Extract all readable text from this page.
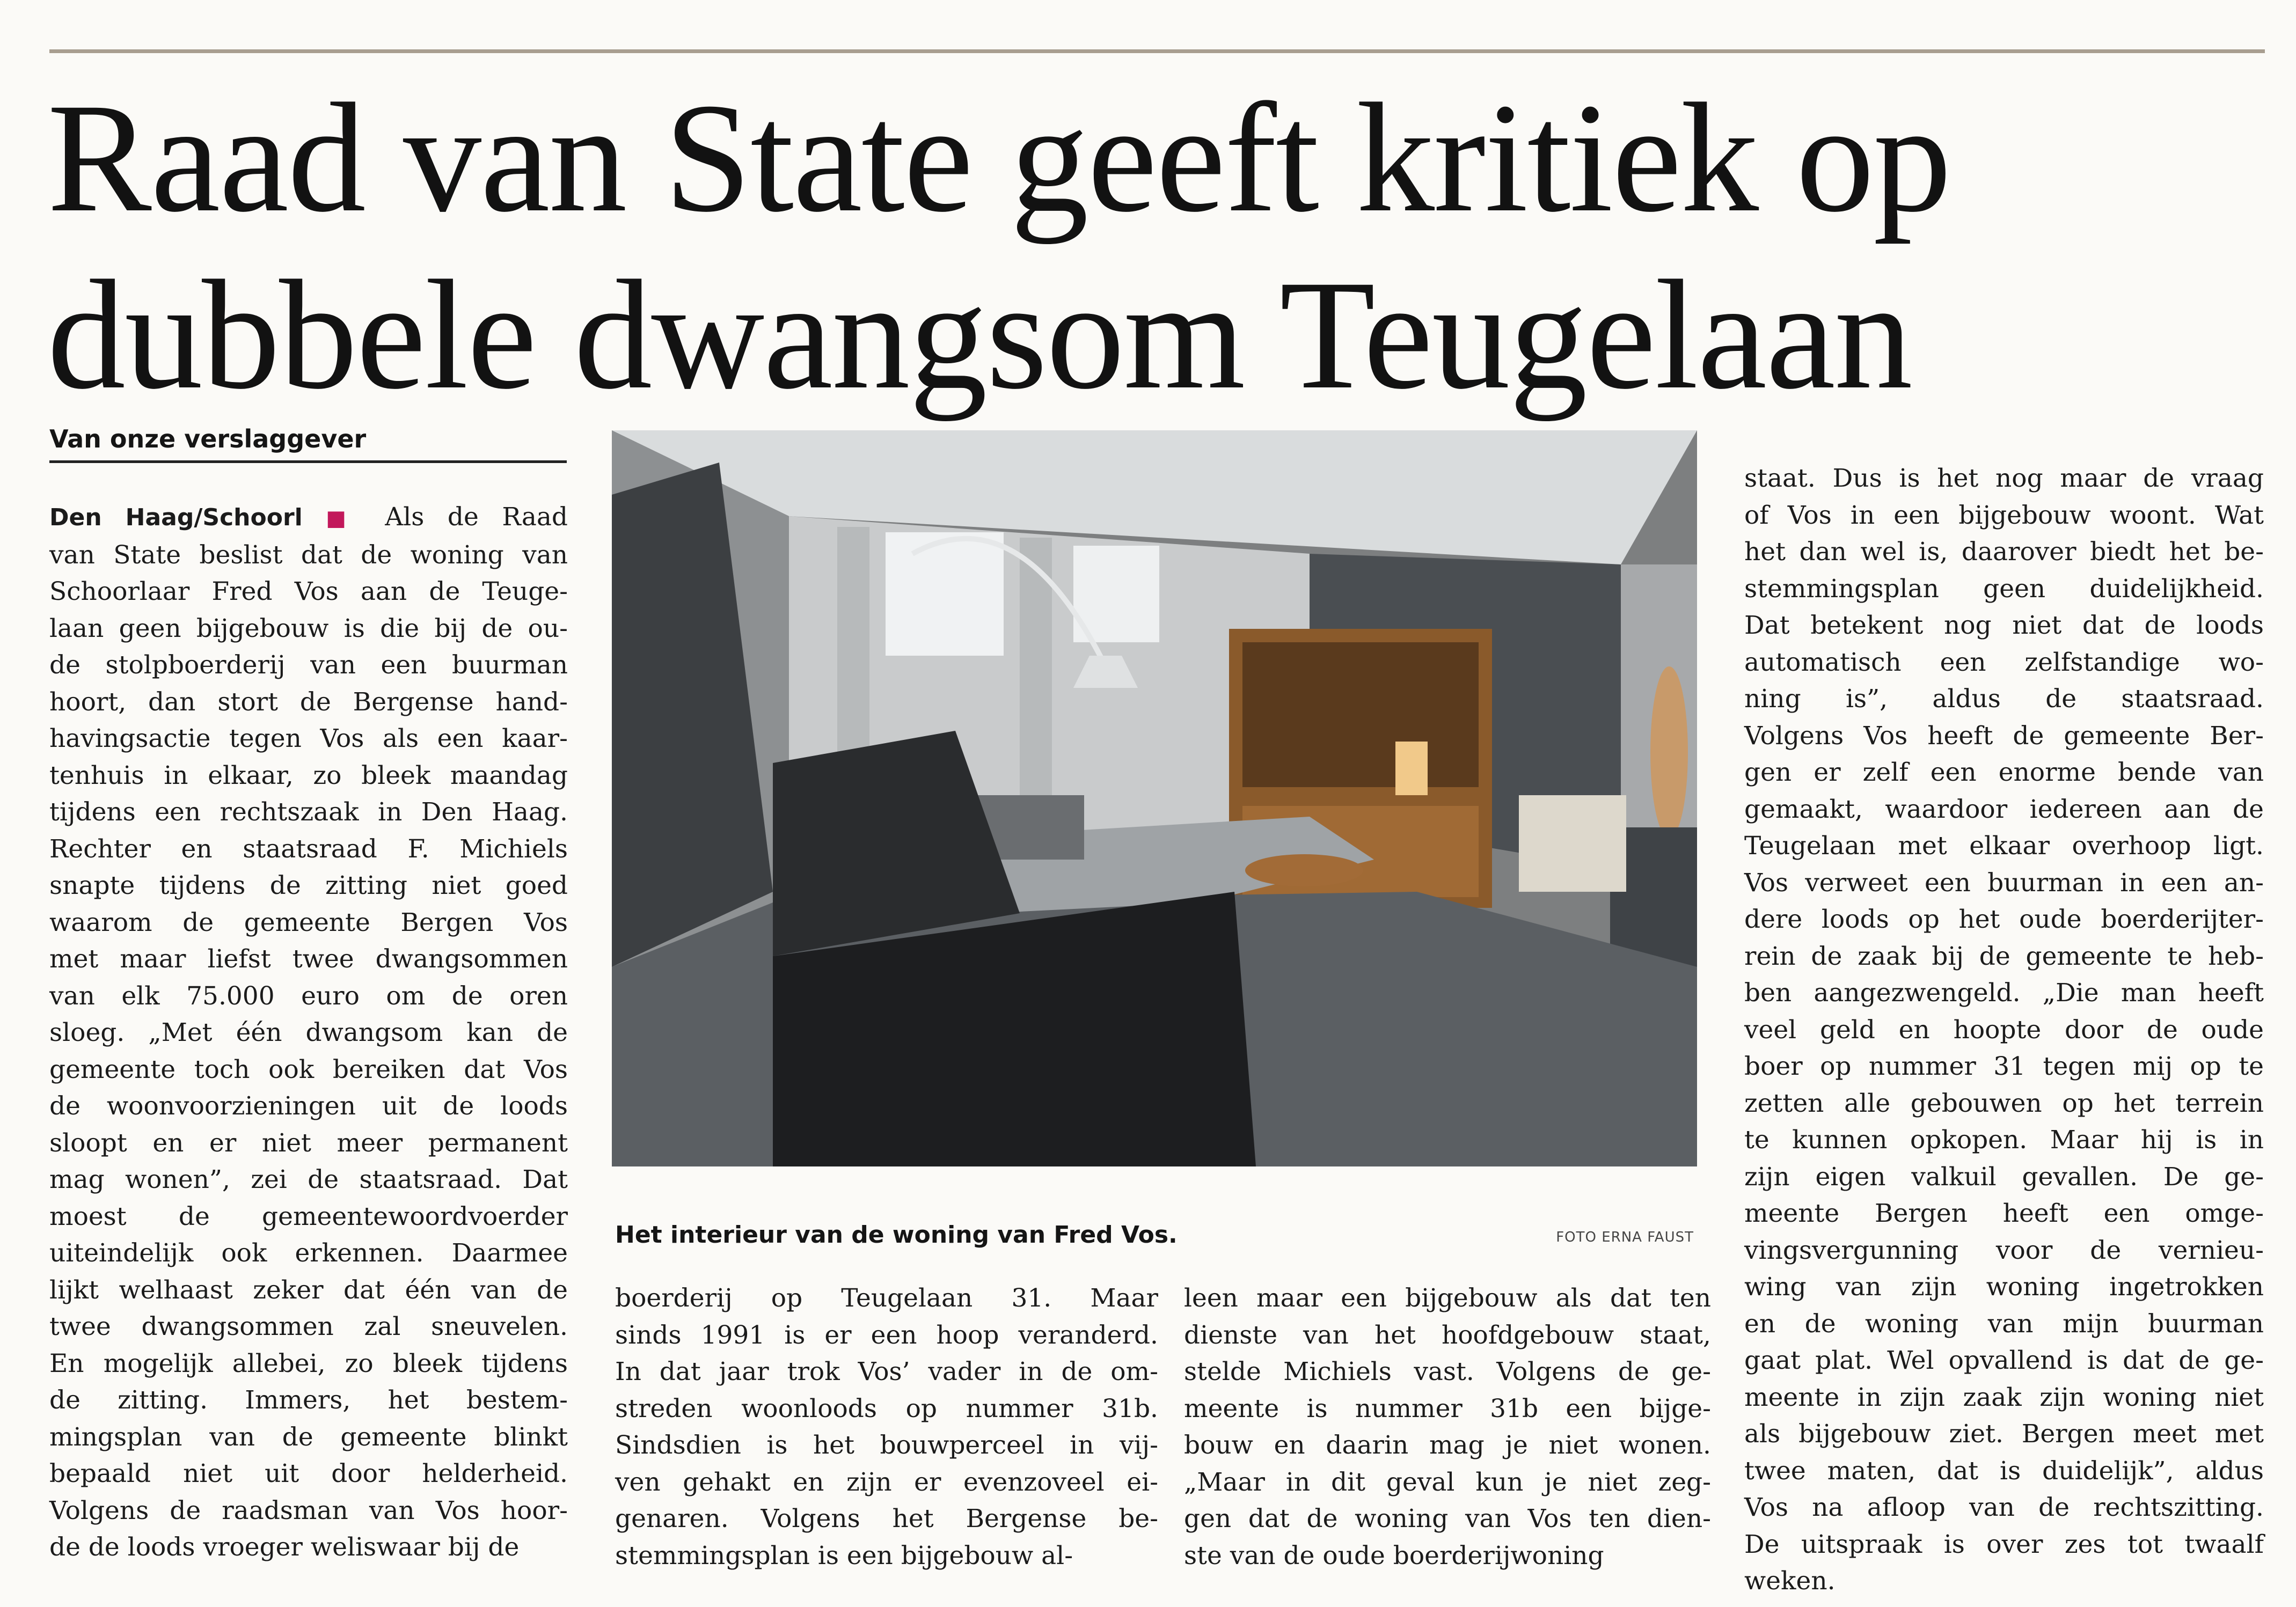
Raad van State geeft kritiek op
dubbele dwangsom Teugelaan
Van onze verslaggever

Den Haag/Schoorl ■ Als de Raad

van State beslist dat de woning van

Schoorlaar Fred Vos aan de Teuge-

laan geen bijgebouw is die bij de ou-

de stolpboerderij van een buurman

hoort, dan stort de Bergense hand-

havingsactie tegen Vos als een kaar-

tenhuis in elkaar, zo bleek maandag

tijdens een rechtszaak in Den Haag.

Rechter en staatsraad F. Michiels

snapte tijdens de zitting niet goed

waarom de gemeente Bergen Vos

met maar liefst twee dwangsommen

van elk 75.000 euro om de oren

sloeg. „Met één dwangsom kan de

gemeente toch ook bereiken dat Vos

de woonvoorzieningen uit de loods

sloopt en er niet meer permanent

mag wonen”, zei de staatsraad. Dat

moest de gemeentewoordvoerder

uiteindelijk ook erkennen. Daarmee

lijkt welhaast zeker dat één van de

twee dwangsommen zal sneuvelen.

En mogelijk allebei, zo bleek tijdens

de zitting. Immers, het bestem-

mingsplan van de gemeente blinkt

bepaald niet uit door helderheid.

Volgens de raadsman van Vos hoor-

de de loods vroeger weliswaar bij de

Het interieur van de woning van Fred Vos.	FOTO ERNA FAUST

boerderij op Teugelaan 31. Maar

sinds 1991 is er een hoop veranderd.

In dat jaar trok Vos’ vader in de om-

streden woonloods op nummer 31b.

Sindsdien is het bouwperceel in vij-

ven gehakt en zijn er evenzoveel ei-

genaren. Volgens het Bergense be-

stemmingsplan is een bijgebouw al-

leen maar een bijgebouw als dat ten

dienste van het hoofdgebouw staat,

stelde Michiels vast. Volgens de ge-

meente is nummer 31b een bijge-

bouw en daarin mag je niet wonen.

„Maar in dit geval kun je niet zeg-

gen dat de woning van Vos ten dien-

ste van de oude boerderijwoning

staat. Dus is het nog maar de vraag

of Vos in een bijgebouw woont. Wat

het dan wel is, daarover biedt het be-

stemmingsplan geen duidelijkheid.

Dat betekent nog niet dat de loods

automatisch een zelfstandige wo-

ning is”, aldus de staatsraad.

Volgens Vos heeft de gemeente Ber-

gen er zelf een enorme bende van

gemaakt, waardoor iedereen aan de

Teugelaan met elkaar overhoop ligt.

Vos verweet een buurman in een an-

dere loods op het oude boerderijter-

rein de zaak bij de gemeente te heb-

ben aangezwengeld. „Die man heeft

veel geld en hoopte door de oude

boer op nummer 31 tegen mij op te

zetten alle gebouwen op het terrein

te kunnen opkopen. Maar hij is in

zijn eigen valkuil gevallen. De ge-

meente Bergen heeft een omge-

vingsvergunning voor de vernieu-

wing van zijn woning ingetrokken

en de woning van mijn buurman

gaat plat. Wel opvallend is dat de ge-

meente in zijn zaak zijn woning niet

als bijgebouw ziet. Bergen meet met

twee maten, dat is duidelijk”, aldus

Vos na afloop van de rechtszitting.

De uitspraak is over zes tot twaalf

weken.
